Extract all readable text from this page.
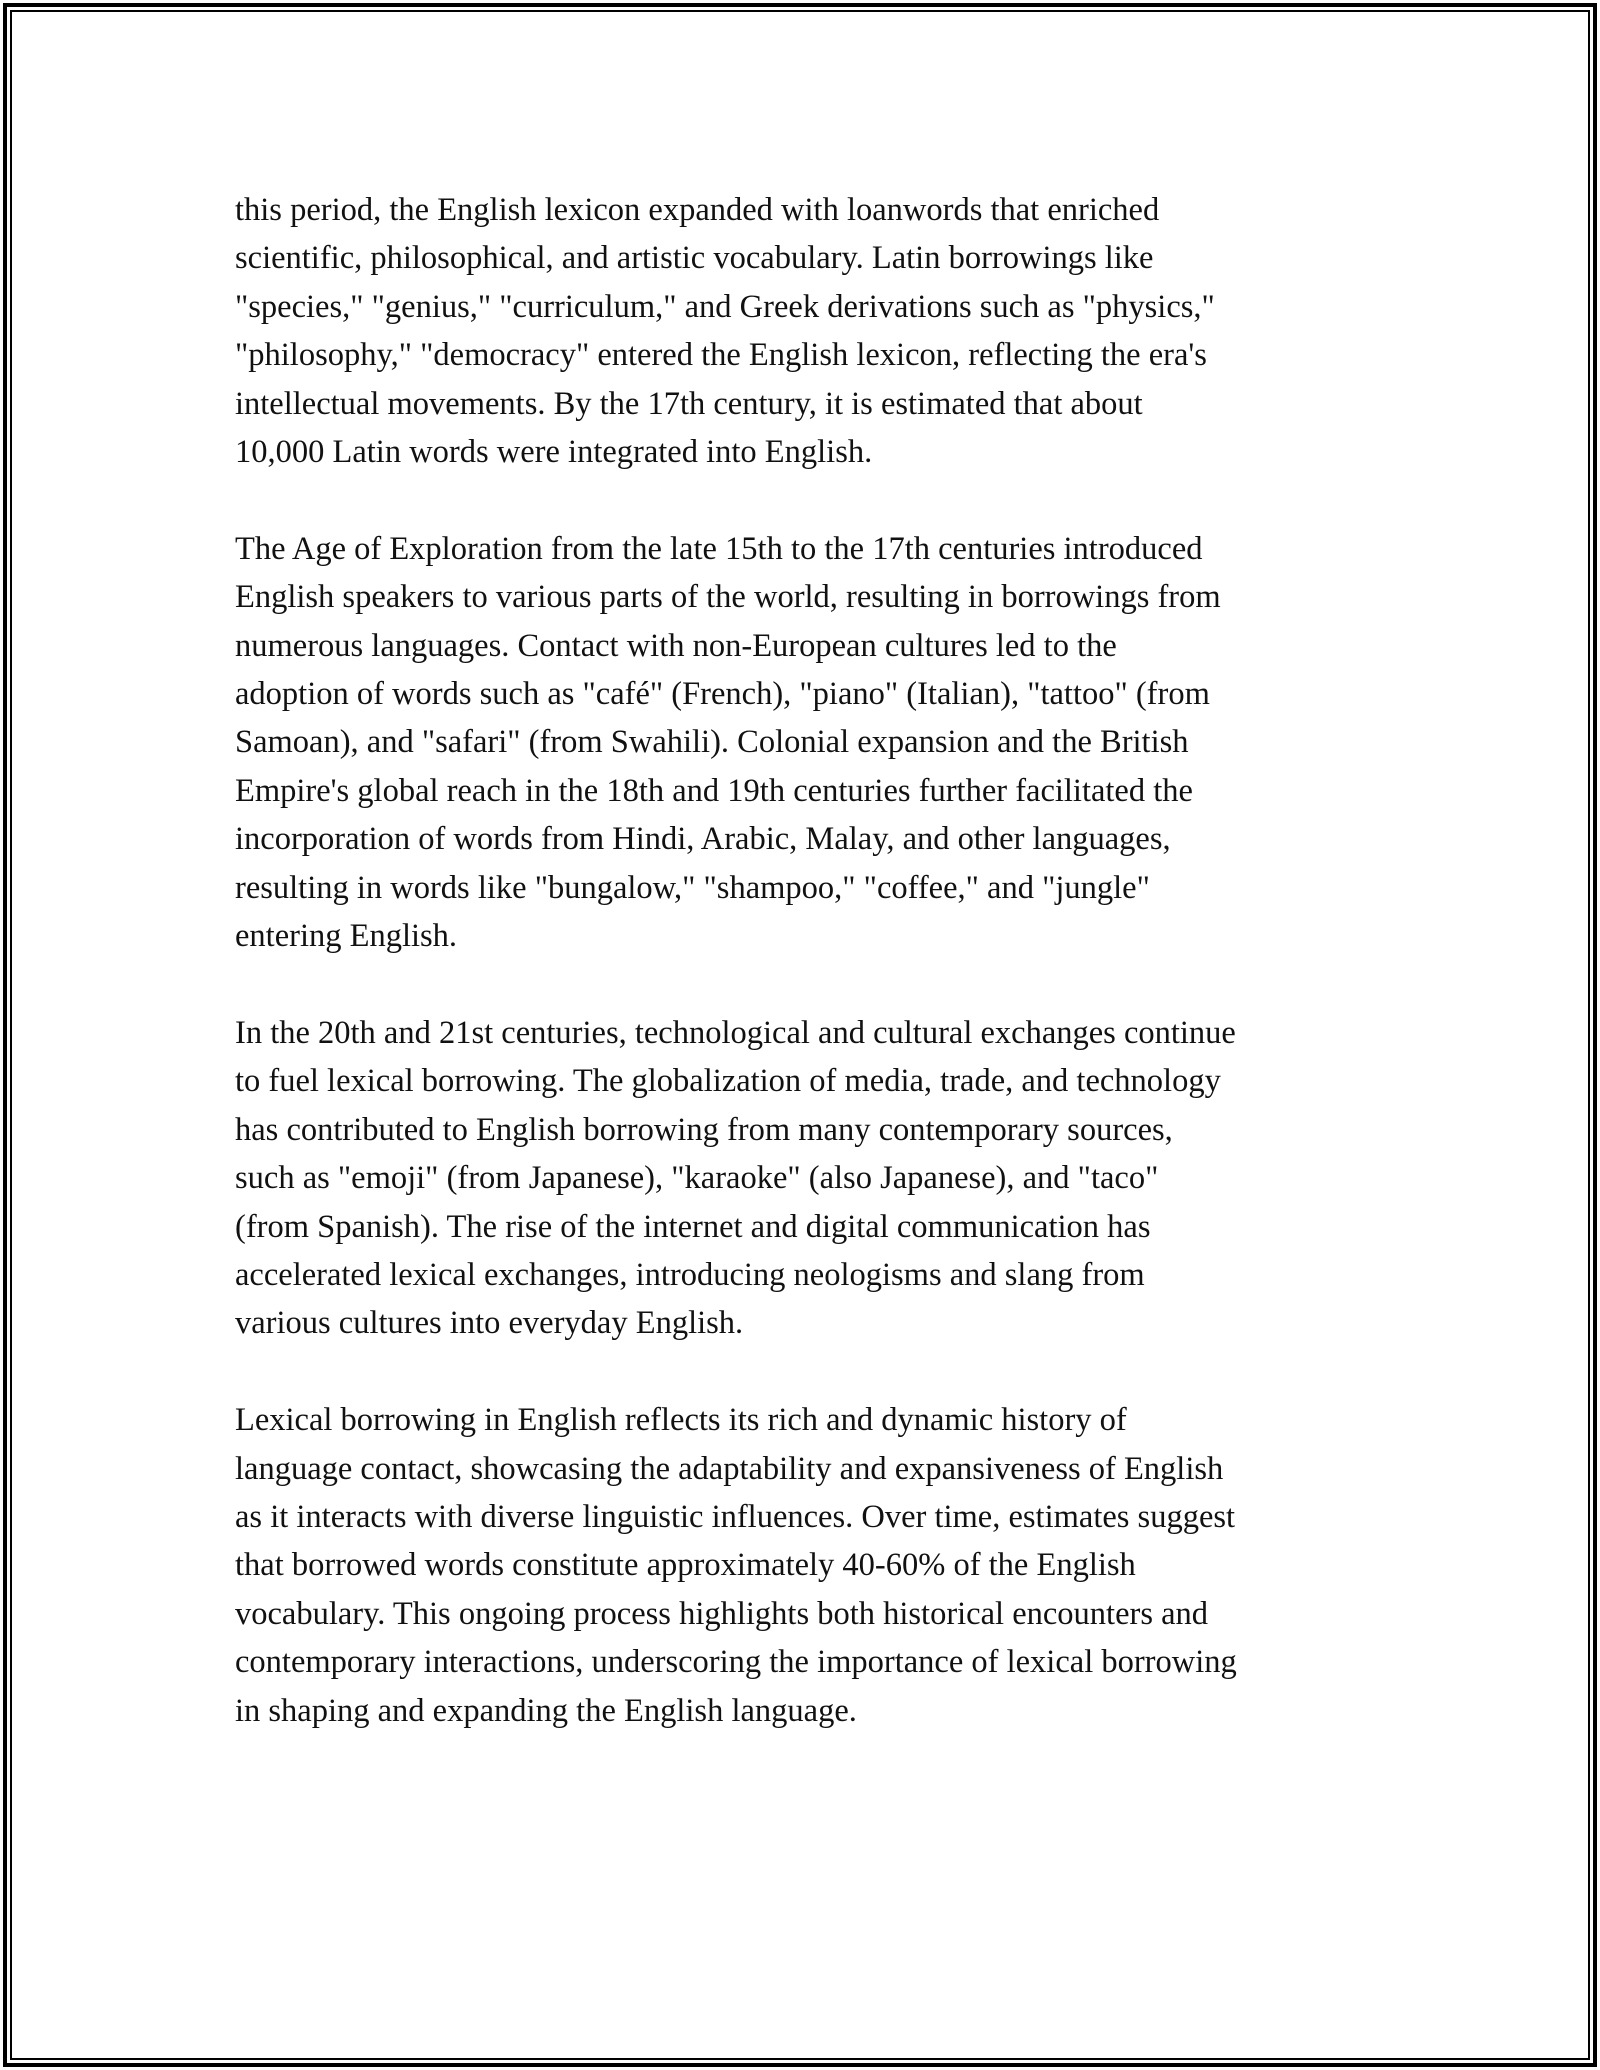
this period, the English lexicon expanded with loanwords that enriched
scientific, philosophical, and artistic vocabulary. Latin borrowings like
"species," "genius," "curriculum," and Greek derivations such as "physics,"
"philosophy," "democracy" entered the English lexicon, reflecting the era's
intellectual movements. By the 17th century, it is estimated that about
10,000 Latin words were integrated into English.

The Age of Exploration from the late 15th to the 17th centuries introduced
English speakers to various parts of the world, resulting in borrowings from
numerous languages. Contact with non-European cultures led to the
adoption of words such as "café" (French), "piano" (Italian), "tattoo" (from
Samoan), and "safari" (from Swahili). Colonial expansion and the British
Empire's global reach in the 18th and 19th centuries further facilitated the
incorporation of words from Hindi, Arabic, Malay, and other languages,
resulting in words like "bungalow," "shampoo," "coffee," and "jungle"
entering English.

In the 20th and 21st centuries, technological and cultural exchanges continue
to fuel lexical borrowing. The globalization of media, trade, and technology
has contributed to English borrowing from many contemporary sources,
such as "emoji" (from Japanese), "karaoke" (also Japanese), and "taco"
(from Spanish). The rise of the internet and digital communication has
accelerated lexical exchanges, introducing neologisms and slang from
various cultures into everyday English.

Lexical borrowing in English reflects its rich and dynamic history of
language contact, showcasing the adaptability and expansiveness of English
as it interacts with diverse linguistic influences. Over time, estimates suggest
that borrowed words constitute approximately 40-60% of the English
vocabulary. This ongoing process highlights both historical encounters and
contemporary interactions, underscoring the importance of lexical borrowing
in shaping and expanding the English language.
